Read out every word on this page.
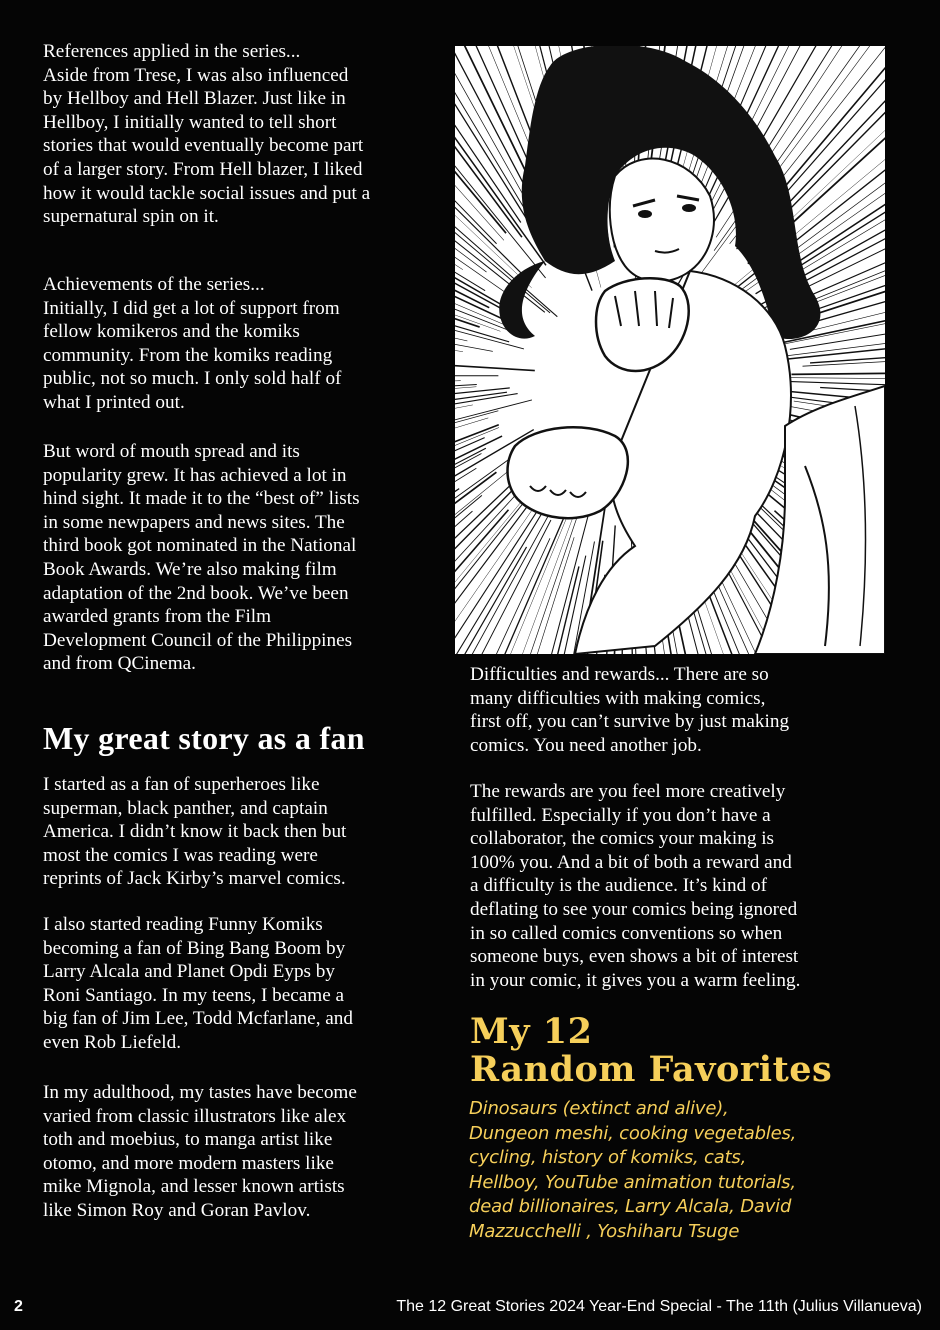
References applied in the series...
Aside from Trese, I was also influenced
by Hellboy and Hell Blazer. Just like in
Hellboy, I initially wanted to tell short
stories that would eventually become part
of a larger story. From Hell blazer, I liked
how it would tackle social issues and put a
supernatural spin on it.

Achievements of the series...
Initially, I did get a lot of support from
fellow komikeros and the komiks
community. From the komiks reading
public, not so much. I only sold half of
what I printed out.

But word of mouth spread and its
popularity grew. It has achieved a lot in
hind sight. It made it to the “best of” lists
in some newpapers and news sites. The
third book got nominated in the National
Book Awards. We’re also making film
adaptation of the 2nd book. We’ve been
awarded grants from the Film
Development Council of the Philippines
and from QCinema.

My great story as a fan

I started as a fan of superheroes like
superman, black panther, and captain
America. I didn’t know it back then but
most the comics I was reading were
reprints of Jack Kirby’s marvel comics.

I also started reading Funny Komiks
becoming a fan of Bing Bang Boom by
Larry Alcala and Planet Opdi Eyps by
Roni Santiago. In my teens, I became a
big fan of Jim Lee, Todd Mcfarlane, and
even Rob Liefeld.

In my adulthood, my tastes have become
varied from classic illustrators like alex
toth and moebius, to manga artist like
otomo, and more modern masters like
mike Mignola, and lesser known artists
like Simon Roy and Goran Pavlov.

Difficulties and rewards... There are so
many difficulties with making comics,
first off, you can’t survive by just making
comics. You need another job.

The rewards are you feel more creatively
fulfilled. Especially if you don’t have a
collaborator, the comics your making is
100% you. And a bit of both a reward and
a difficulty is the audience. It’s kind of
deflating to see your comics being ignored
in so called comics conventions so when
someone buys, even shows a bit of interest
in your comic, it gives you a warm feeling.

My 12
Random Favorites
Dinosaurs (extinct and alive),
Dungeon meshi, cooking vegetables,
cycling, history of komiks, cats,
Hellboy, YouTube animation tutorials,
dead billionaires, Larry Alcala, David
Mazzucchelli , Yoshiharu Tsuge
2	The 12 Great Stories 2024 Year-End Special - The 11th (Julius Villanueva)
